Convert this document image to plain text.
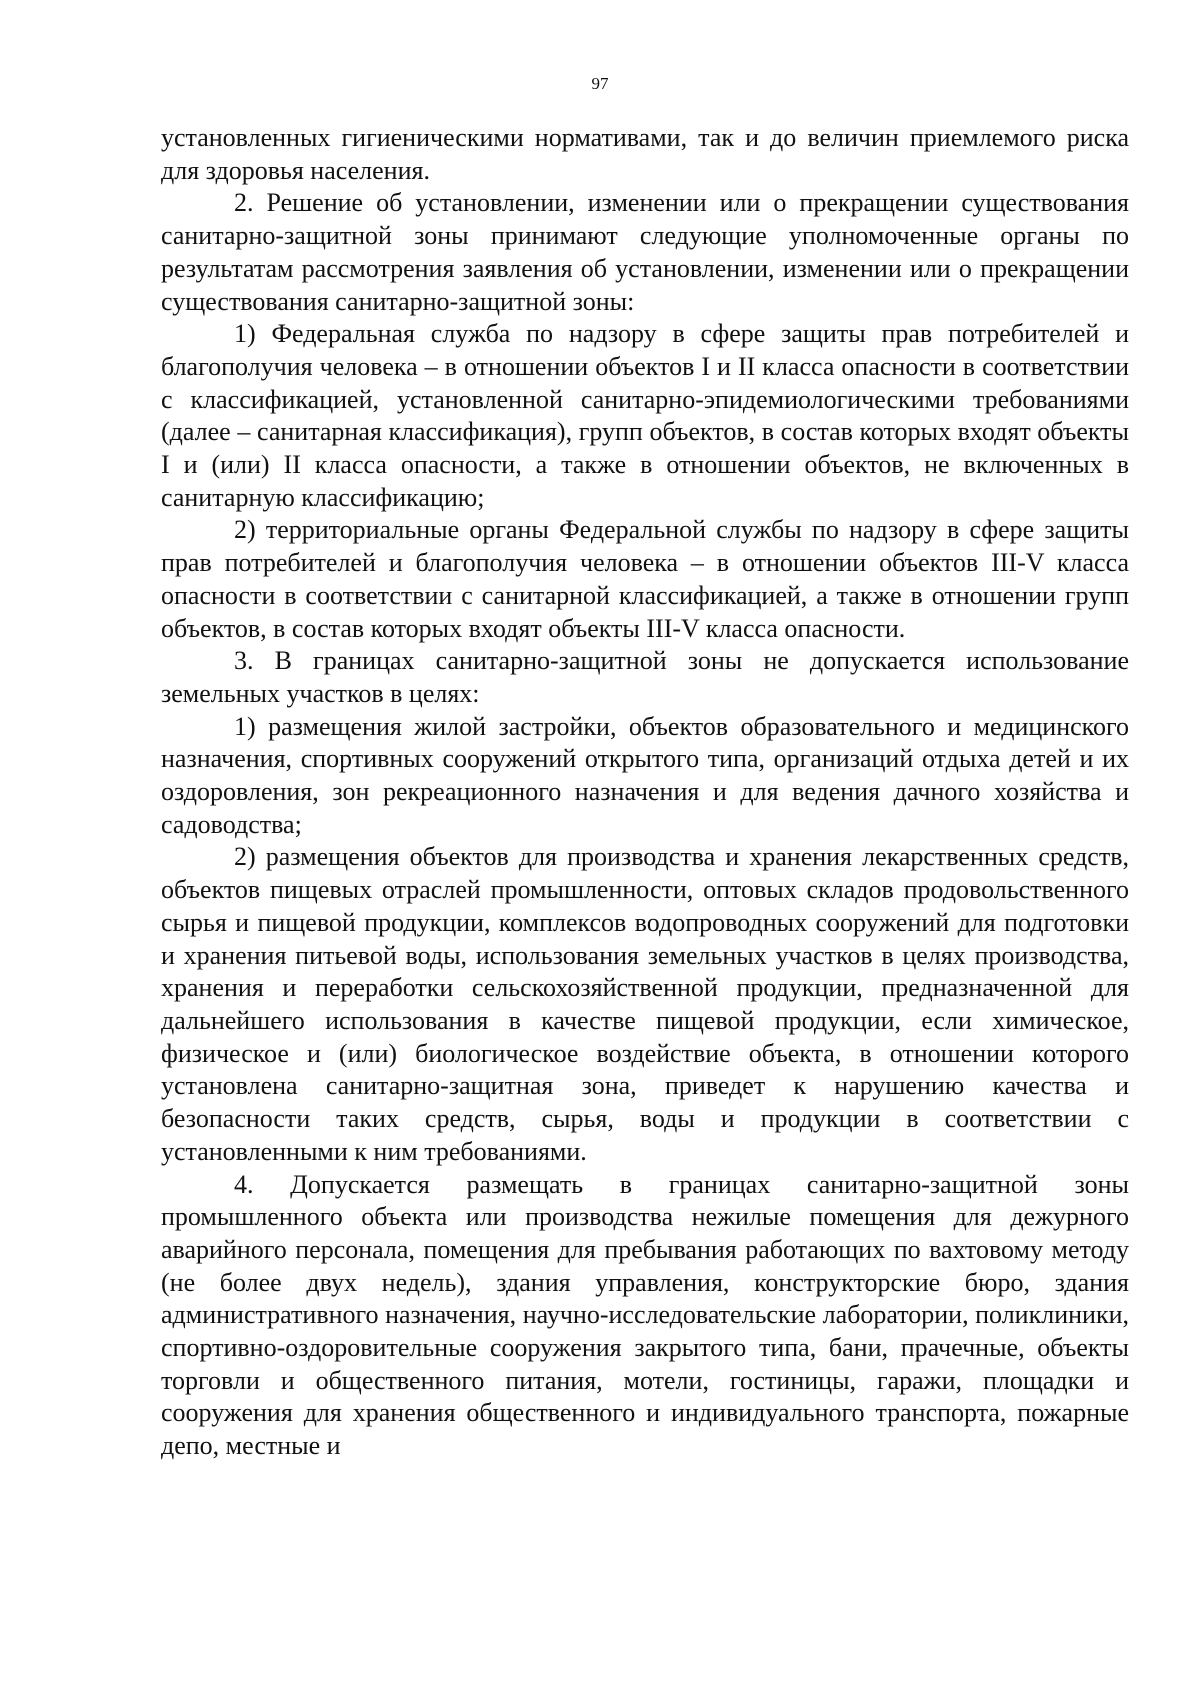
97

установленных гигиеническими нормативами, так и до величин приемлемого риска для здоровья населения.

2. Решение об установлении, изменении или о прекращении существования санитарно-защитной зоны принимают следующие уполномоченные органы по результатам рассмотрения заявления об установлении, изменении или о прекращении существования санитарно-защитной зоны:

1) Федеральная служба по надзору в сфере защиты прав потребителей и благополучия человека – в отношении объектов I и II класса опасности в соответствии с классификацией, установленной санитарно-эпидемиологическими требованиями (далее – санитарная классификация), групп объектов, в состав которых входят объекты I и (или) II класса опасности, а также в отношении объектов, не включенных в санитарную классификацию;

2) территориальные органы Федеральной службы по надзору в сфере защиты прав потребителей и благополучия человека – в отношении объектов III-V класса опасности в соответствии с санитарной классификацией, а также в отношении групп объектов, в состав которых входят объекты III-V класса опасности.

3. В границах санитарно-защитной зоны не допускается использование земельных участков в целях:

1) размещения жилой застройки, объектов образовательного и медицинского назначения, спортивных сооружений открытого типа, организаций отдыха детей и их оздоровления, зон рекреационного назначения и для ведения дачного хозяйства и садоводства;

2) размещения объектов для производства и хранения лекарственных средств, объектов пищевых отраслей промышленности, оптовых складов продовольственного сырья и пищевой продукции, комплексов водопроводных сооружений для подготовки и хранения питьевой воды, использования земельных участков в целях производства, хранения и переработки сельскохозяйственной продукции, предназначенной для дальнейшего использования в качестве пищевой продукции, если химическое, физическое и (или) биологическое воздействие объекта, в отношении которого установлена санитарно-защитная зона, приведет к нарушению качества и безопасности таких средств, сырья, воды и продукции в соответствии с установленными к ним требованиями.

4. Допускается размещать в границах санитарно-защитной зоны промышленного объекта или производства нежилые помещения для дежурного аварийного персонала, помещения для пребывания работающих по вахтовому методу (не более двух недель), здания управления, конструкторские бюро, здания административного назначения, научно-исследовательские лаборатории, поликлиники, спортивно-оздоровительные сооружения закрытого типа, бани, прачечные, объекты торговли и общественного питания, мотели, гостиницы, гаражи, площадки и сооружения для хранения общественного и индивидуального транспорта, пожарные депо, местные и
